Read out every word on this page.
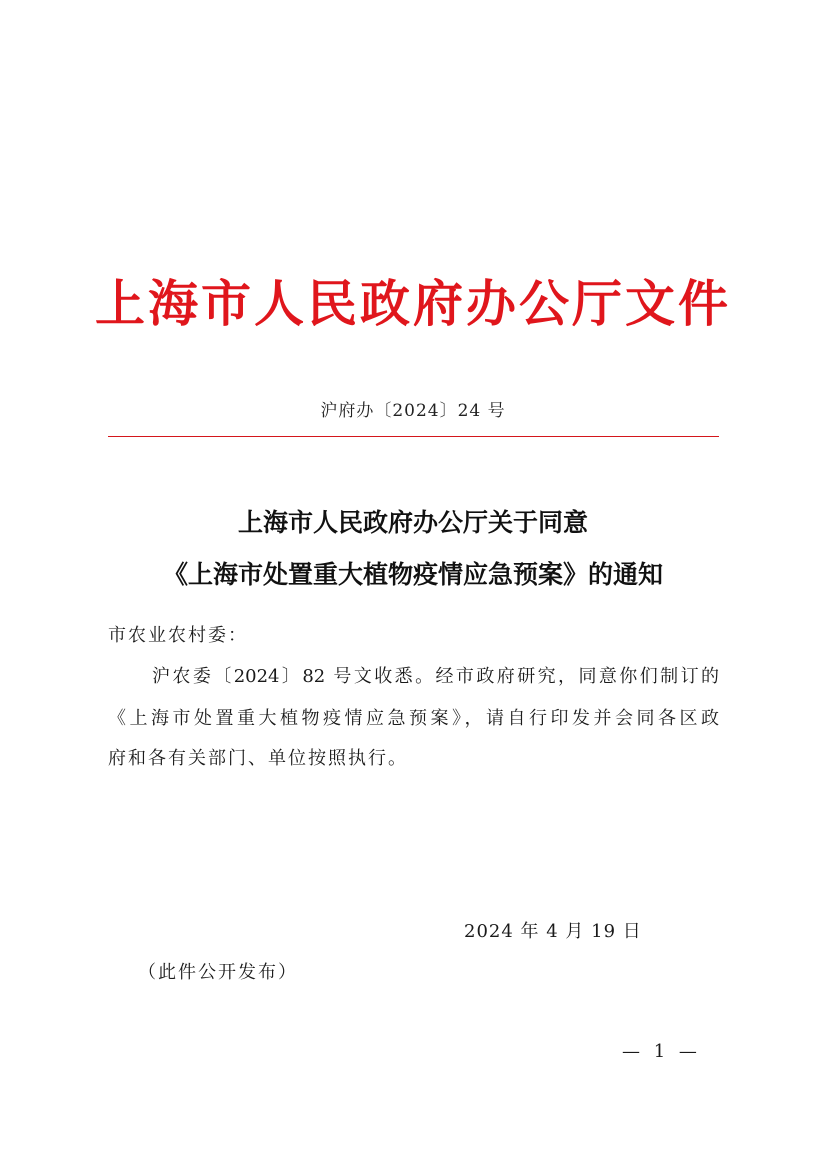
上海市人民政府办公厅文件
沪府办〔2024〕24 号
上海市人民政府办公厅关于同意
《上海市处置重大植物疫情应急预案》的通知
市农业农村委：
沪农委〔2024〕82 号文收悉。经市政府研究，同意你们制订的
《上海市处置重大植物疫情应急预案》，请自行印发并会同各区政
府和各有关部门、单位按照执行。
2024 年 4 月 19 日
（此件公开发布）
— 1 —
